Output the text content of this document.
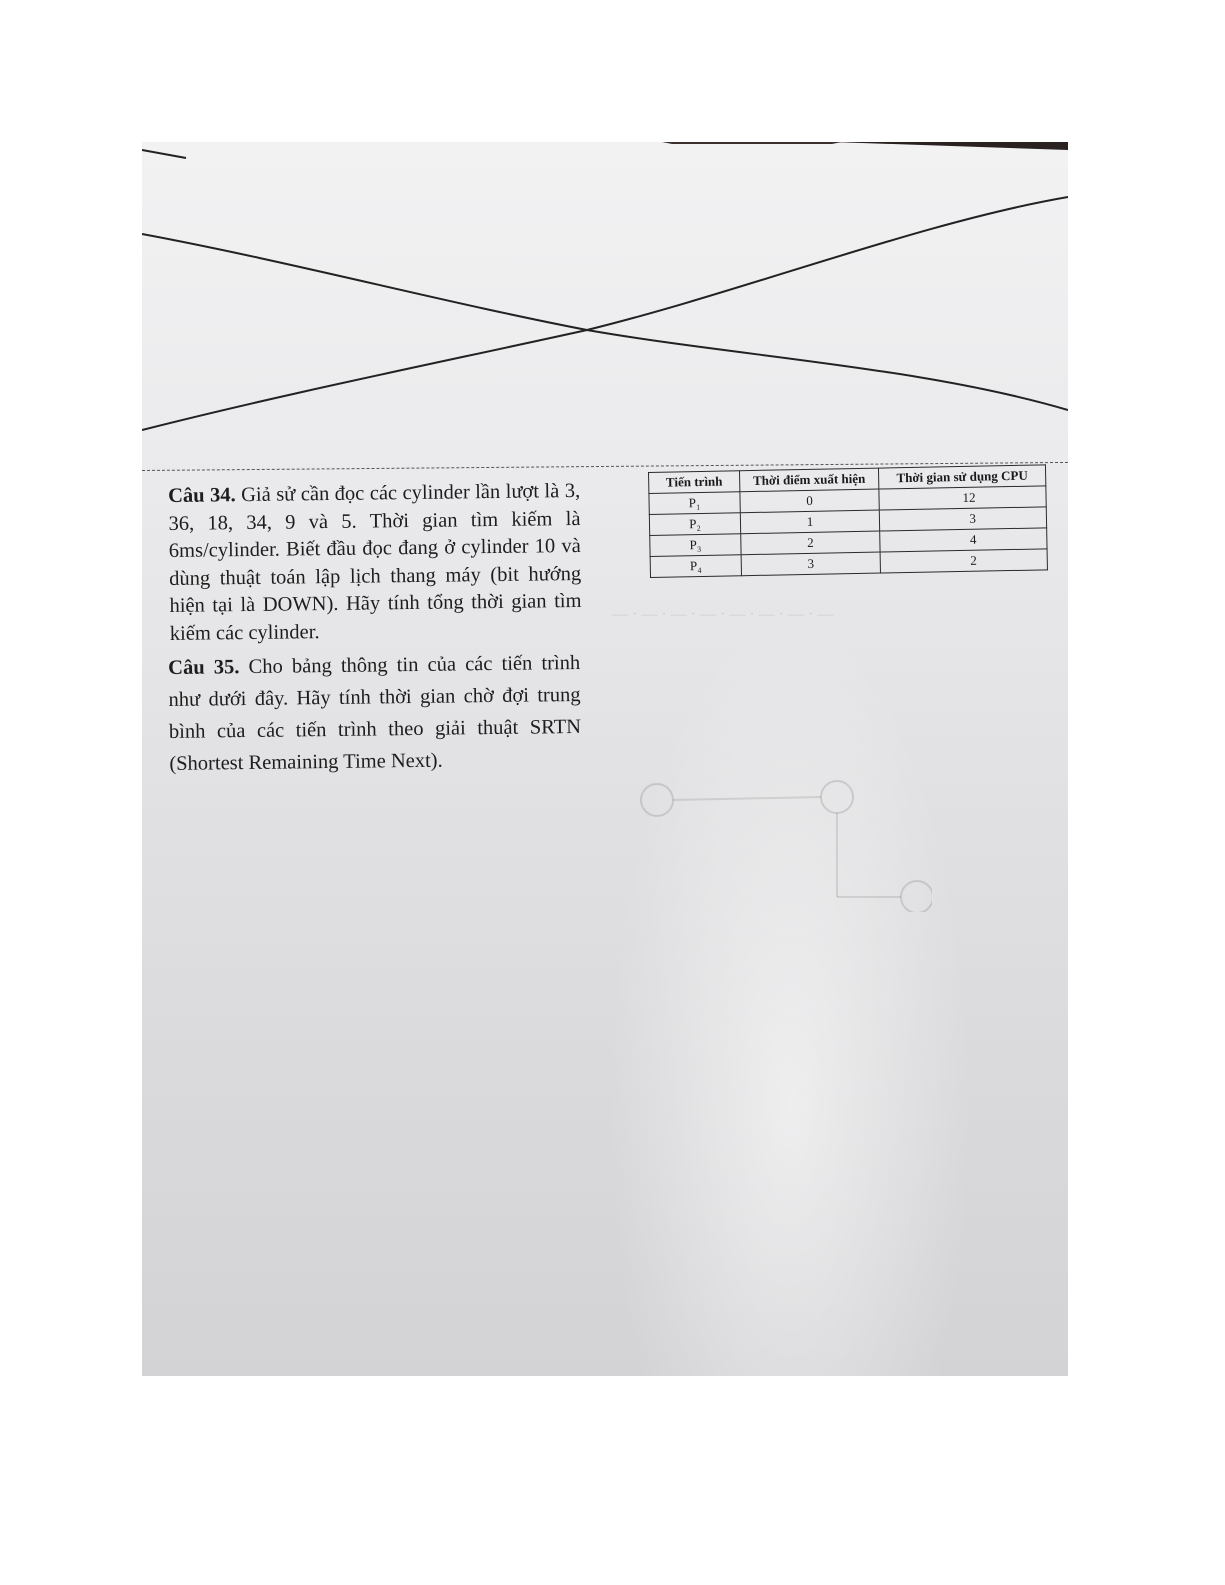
— · — · — · — · — · — · — · —
Câu 34. Giả sử cần đọc các cylinder lần lượt là 3, 36, 18, 34, 9 và 5. Thời gian tìm kiếm là 6ms/cylinder. Biết đầu đọc đang ở cylinder 10 và dùng thuật toán lập lịch thang máy (bit hướng hiện tại là DOWN). Hãy tính tổng thời gian tìm kiếm các cylinder.
Câu 35. Cho bảng thông tin của các tiến trình như dưới đây. Hãy tính thời gian chờ đợi trung bình của các tiến trình theo giải thuật SRTN (Shortest Remaining Time Next).
Tiến trình	Thời điểm xuất hiện	Thời gian sử dụng CPU
P₁	0	12
P₂	1	3
P₃	2	4
P₄	3	2
